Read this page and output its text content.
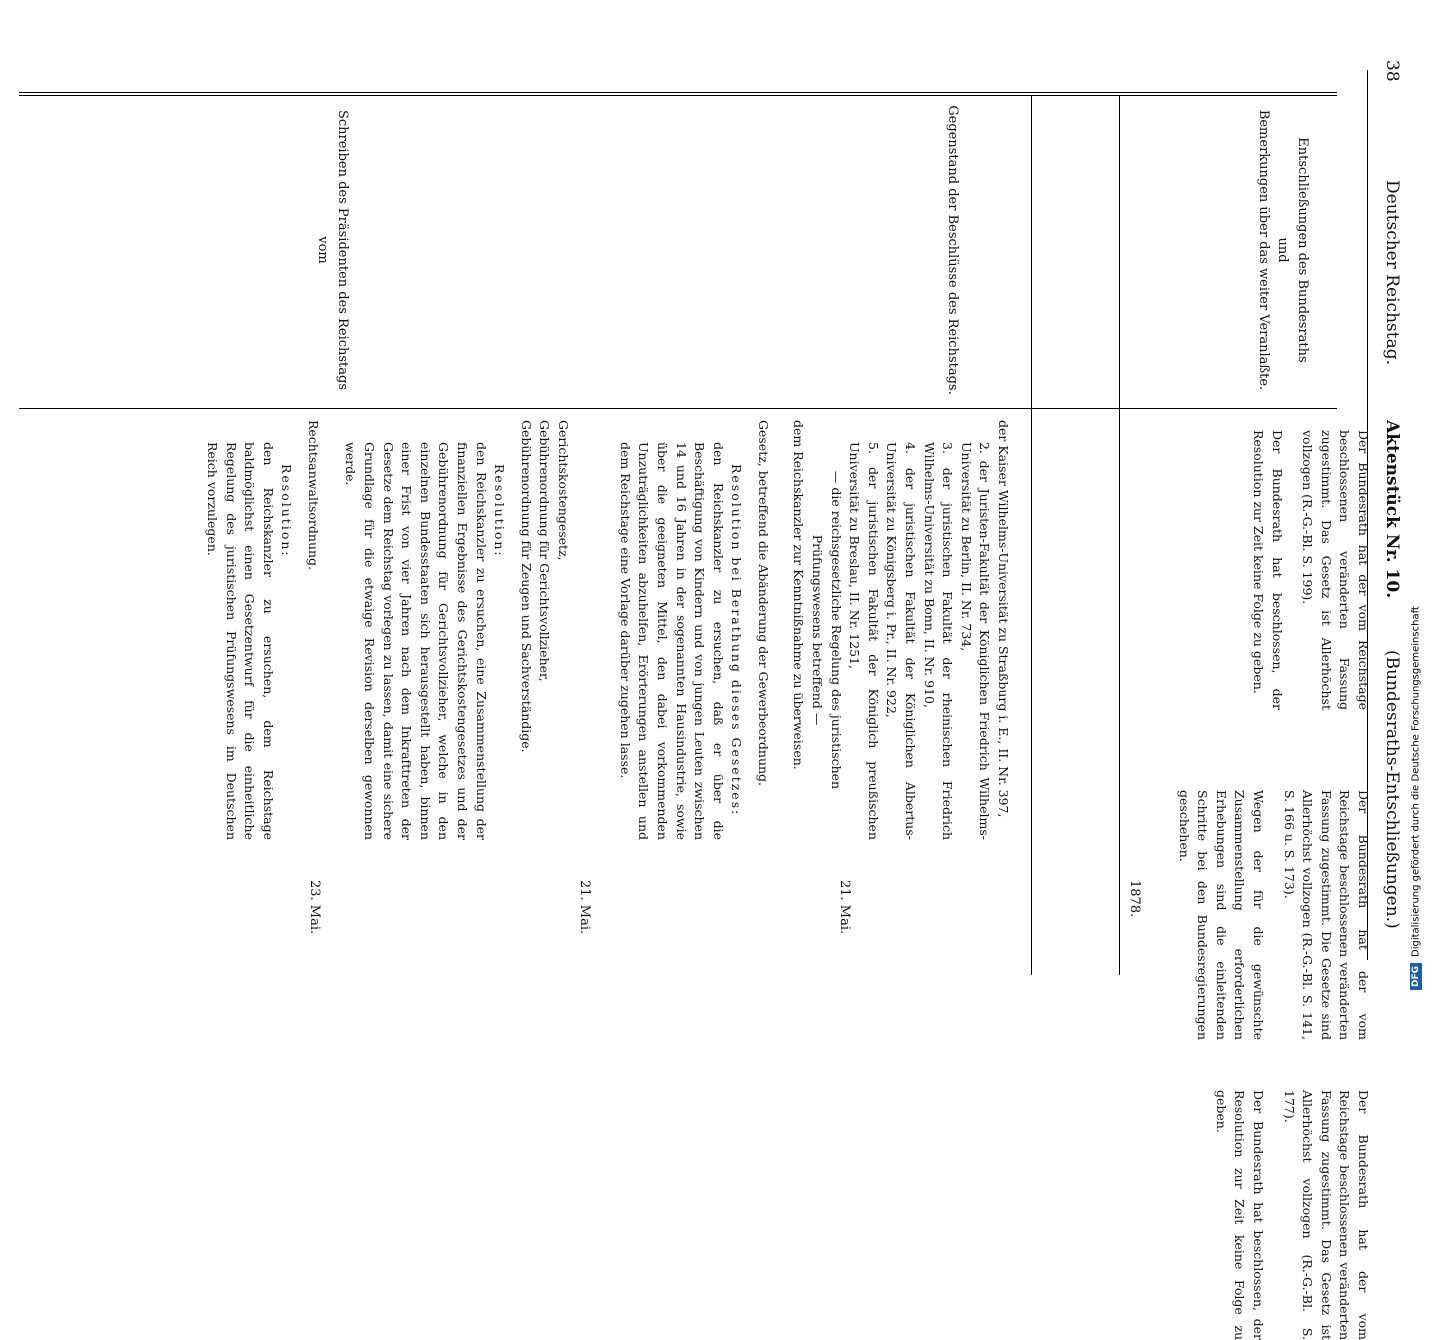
38
Deutscher Reichstag.
Aktenstück Nr. 10.
(Bundesraths-Entschließungen.)
Entschließungen des Bundesraths
und
Bemerkungen über das weiter Veranlaßte.
Gegenstand der Beschlüsse des Reichstags.
Schreiben des Präsidenten des Reichstags vom

Der Bundesrath hat der vom Reichstage beschlossenen veränderten Fassung zugestimmt. Das Gesetz ist Allerhöchst vollzogen (R.-G.-Bl. S. 199).

Der Bundesrath hat beschlossen, der Resolution zur Zeit keine Folge zu geben.

Der Bundesrath hat der vom Reichstage beschlossenen veränderten Fassung zugestimmt. Die Gesetze sind Allerhöchst vollzogen (R.-G.-Bl. S. 141, S. 166 u. S. 173).

Wegen der für die gewünschte Zusammenstellung erforderlichen Erhebungen sind die einleitenden Schritte bei den Bundesregierungen geschehen.

Der Bundesrath hat der vom Reichstage beschlossenen veränderten Fassung zugestimmt. Das Gesetz ist Allerhöchst vollzogen (R.-G.-Bl. S. 177).

Der Bundesrath hat beschlossen, der Resolution zur Zeit keine Folge zu geben.

der Kaiser Wilhelms-Universität zu Straßburg i. E., II. Nr. 397,

2. der Juristen-Fakultät der Königlichen Friedrich Wilhelms-Universität zu Berlin, II. Nr. 734,

3. der juristischen Fakultät der rheinischen Friedrich Wilhelms-Universität zu Bonn, II. Nr. 910,

4. der juristischen Fakultät der Königlichen Albertus-Universität zu Königsberg i. Pr., II. Nr. 922,

5. der juristischen Fakultät der Königlich preußischen Universität zu Breslau, II. Nr. 1251,

— die reichsgesetzliche Regelung des juristischen Prüfungswesens betreffend —

dem Reichskanzler zur Kenntnißnahme zu überweisen.

Gesetz, betreffend die Abänderung der Gewerbeordnung.

Resolution bei Berathung dieses Gesetzes:

den Reichskanzler zu ersuchen, daß er über die Beschäftigung von Kindern und von jungen Leuten zwischen 14 und 16 Jahren in der sogenannten Hausindustrie, sowie über die geeigneten Mittel, den dabei vorkommenden Unzuträglichkeiten abzuhelfen, Erörterungen anstellen und dem Reichstage eine Vorlage darüber zugehen lasse.

Gerichtskostengesetz,

Gebührenordnung für Gerichtsvollzieher,

Gebührenordnung für Zeugen und Sachverständige.

Resolution:

den Reichskanzler zu ersuchen, eine Zusammenstellung der finanziellen Ergebnisse des Gerichtskostengesetzes und der Gebührenordnung für Gerichtsvollzieher, welche in den einzelnen Bundesstaaten sich herausgestellt haben, binnen einer Frist von vier Jahren nach dem Inkrafttreten der Gesetze dem Reichstag vorlegen zu lassen, damit eine sichere Grundlage für die etwaige Revision derselben gewonnen werde.

Rechtsanwaltsordnung.

Resolution:

den Reichskanzler zu ersuchen, dem Reichstage baldmöglichst einen Gesetzentwurf für die einheitliche Regelung des juristischen Prüfungswesens im Deutschen Reich vorzulegen.

1878.
21. Mai.
21. Mai.
23. Mai.
DFG
Digitalisierung gefördert durch die Deutsche Forschungsgemeinschaft
